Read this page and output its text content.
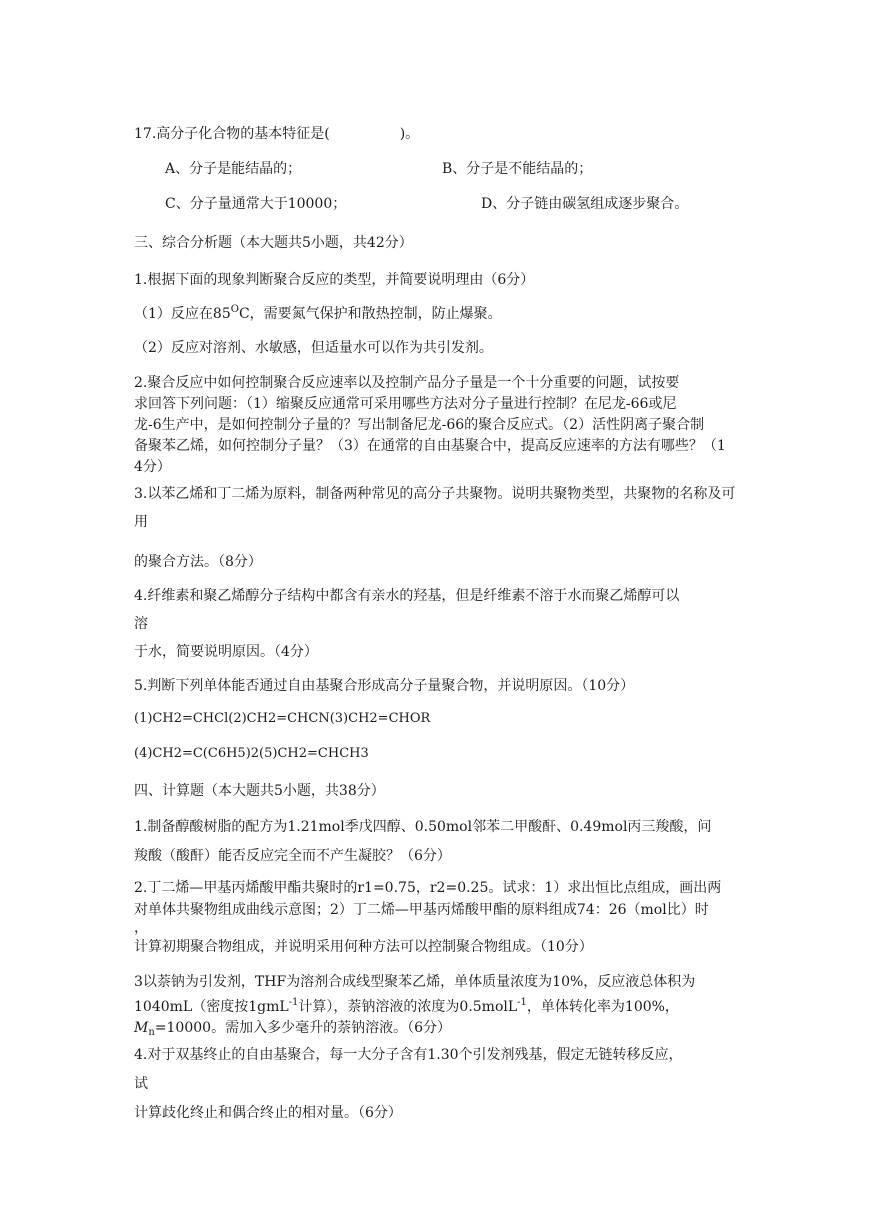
17.高分子化合物的基本特征是(　　　　　)。
A、分子是能结晶的；	B、分子是不能结晶的；
C、分子量通常大于10000；	D、分子链由碳氢组成逐步聚合。
三、综合分析题（本大题共5小题，共42分）
1.根据下面的现象判断聚合反应的类型，并简要说明理由（6分）
（1）反应在$85^OC$，需要氮气保护和散热控制，防止爆聚。
（2）反应对溶剂、水敏感，但适量水可以作为共引发剂。
2.聚合反应中如何控制聚合反应速率以及控制产品分子量是一个十分重要的问题，试按要
求回答下列问题：（1）缩聚反应通常可采用哪些方法对分子量进行控制？在尼龙-66或尼
龙-6生产中，是如何控制分子量的？写出制备尼龙-66的聚合反应式。（2）活性阴离子聚合制
备聚苯乙烯，如何控制分子量？（3）在通常的自由基聚合中，提高反应速率的方法有哪些？（1
4分）
3.以苯乙烯和丁二烯为原料，制备两种常见的高分子共聚物。说明共聚物类型，共聚物的名称及可
用
的聚合方法。（8分）
4.纤维素和聚乙烯醇分子结构中都含有亲水的羟基，但是纤维素不溶于水而聚乙烯醇可以
溶
于水，简要说明原因。（4分）
5.判断下列单体能否通过自由基聚合形成高分子量聚合物，并说明原因。（10分）
(1)CH2=CHCl(2)CH2=CHCN(3)CH2=CHOR
(4)CH2=C(C6H5)2(5)CH2=CHCH3
四、计算题（本大题共5小题，共38分）
1.制备醇酸树脂的配方为1.21mol季戊四醇、0.50mol邻苯二甲酸酐、0.49mol丙三羧酸，问
羧酸（酸酐）能否反应完全而不产生凝胶？（6分）
2.丁二烯—甲基丙烯酸甲酯共聚时的r1=0.75，r2=0.25。试求：1）求出恒比点组成，画出两
对单体共聚物组成曲线示意图；2）丁二烯—甲基丙烯酸甲酯的原料组成74：26（mol比）时
，
计算初期聚合物组成，并说明采用何种方法可以控制聚合物组成。（10分）
3以萘钠为引发剂，THF为溶剂合成线型聚苯乙烯，单体质量浓度为10%，反应液总体积为
1040mL（密度按1gmL$^{-1}$计算），萘钠溶液的浓度为0.5molL$^{-1}$，单体转化率为100%，
$M_n=10000$。需加入多少毫升的萘钠溶液。（6分）
4.对于双基终止的自由基聚合，每一大分子含有1.30个引发剂残基，假定无链转移反应，
试
计算歧化终止和偶合终止的相对量。（6分）
